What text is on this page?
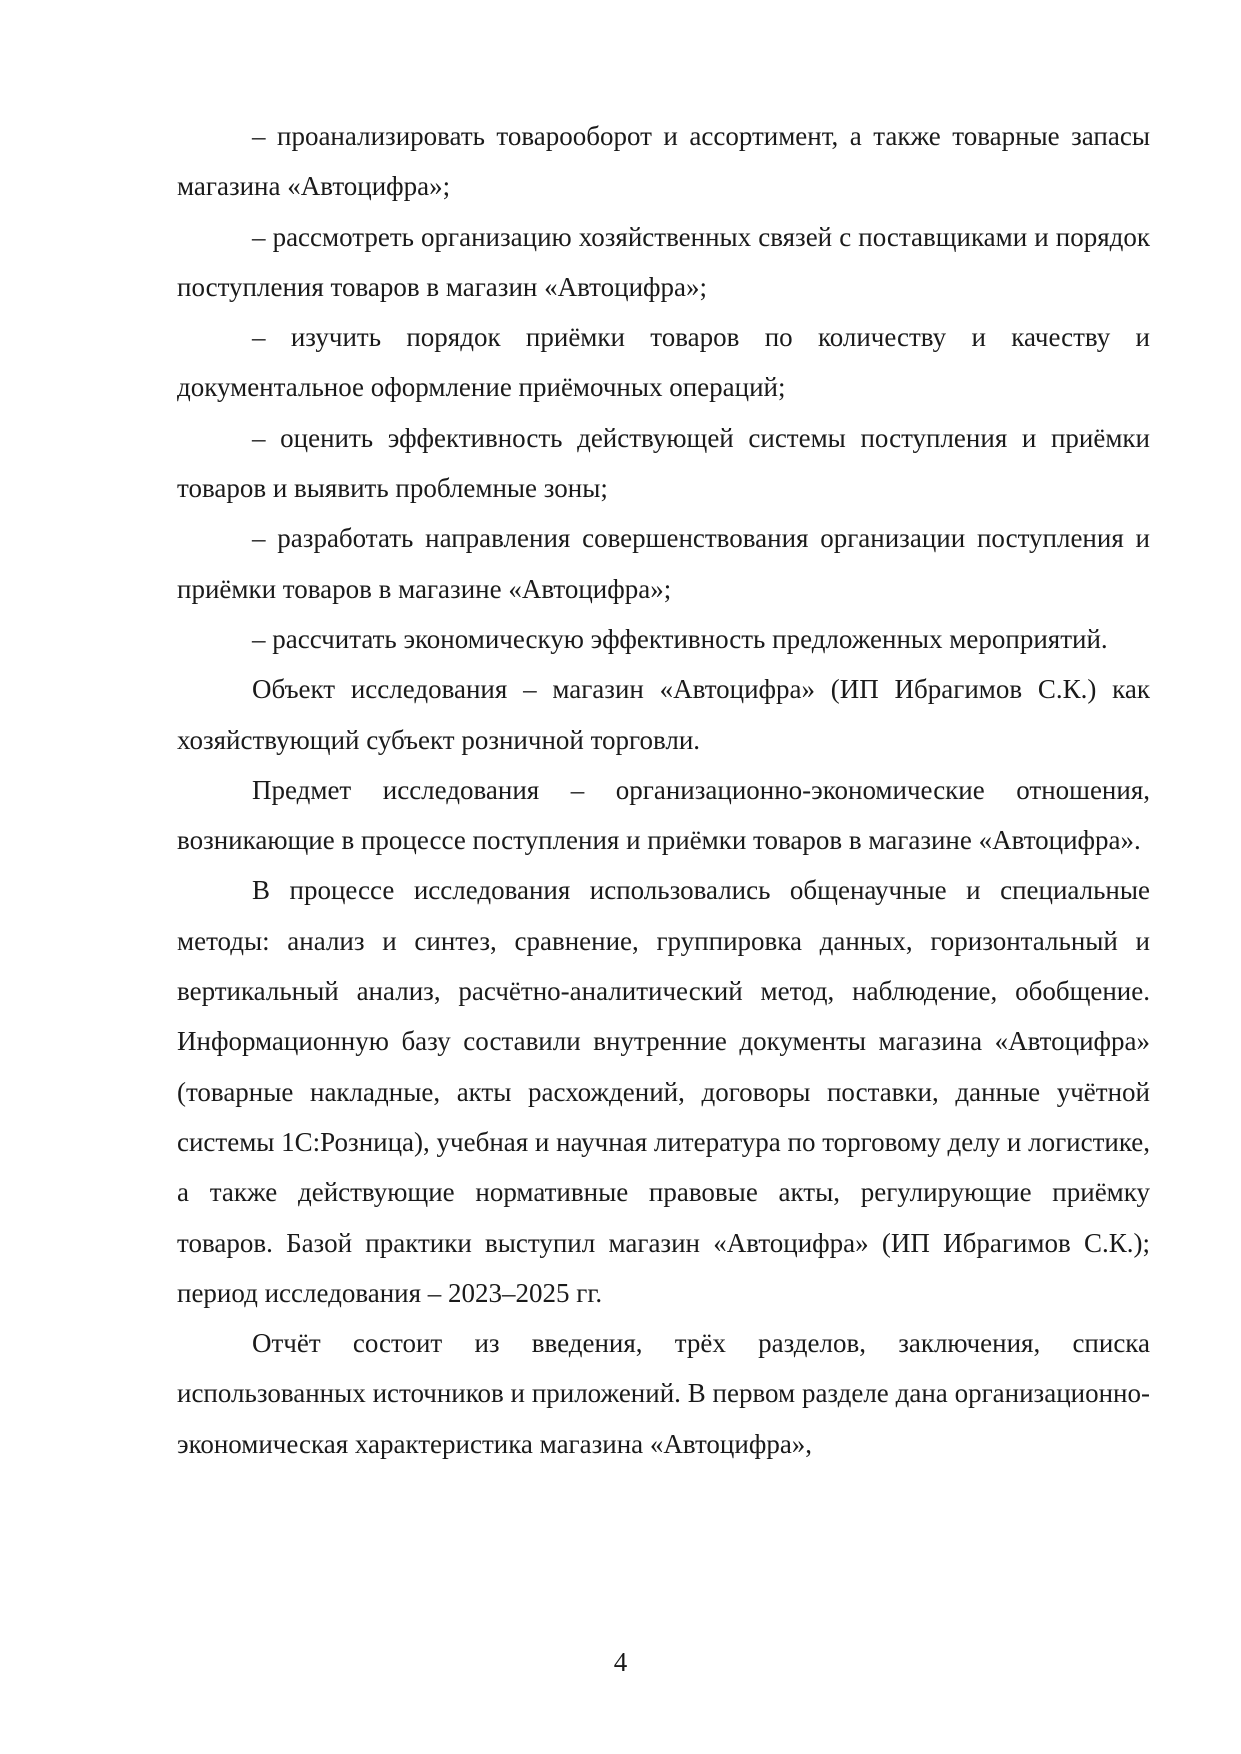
– проанализировать товарооборот и ассортимент, а также товарные запасы магазина «Автоцифра»;

– рассмотреть организацию хозяйственных связей с поставщиками и порядок поступления товаров в магазин «Автоцифра»;

– изучить порядок приёмки товаров по количеству и качеству и документальное оформление приёмочных операций;

– оценить эффективность действующей системы поступления и приёмки товаров и выявить проблемные зоны;

– разработать направления совершенствования организации поступления и приёмки товаров в магазине «Автоцифра»;

– рассчитать экономическую эффективность предложенных мероприятий.

Объект исследования – магазин «Автоцифра» (ИП Ибрагимов С.К.) как хозяйствующий субъект розничной торговли.

Предмет исследования – организационно-экономические отношения, возникающие в процессе поступления и приёмки товаров в магазине «Автоцифра».

В процессе исследования использовались общенаучные и специальные методы: анализ и синтез, сравнение, группировка данных, горизонтальный и вертикальный анализ, расчётно-аналитический метод, наблюдение, обобщение. Информационную базу составили внутренние документы магазина «Автоцифра» (товарные накладные, акты расхождений, договоры поставки, данные учётной системы 1С:Розница), учебная и научная литература по торговому делу и логистике, а также действующие нормативные правовые акты, регулирующие приёмку товаров. Базой практики выступил магазин «Автоцифра» (ИП Ибрагимов С.К.); период исследования – 2023–2025 гг.

Отчёт состоит из введения, трёх разделов, заключения, списка использованных источников и приложений. В первом разделе дана организационно-экономическая характеристика магазина «Автоцифра»,

4
